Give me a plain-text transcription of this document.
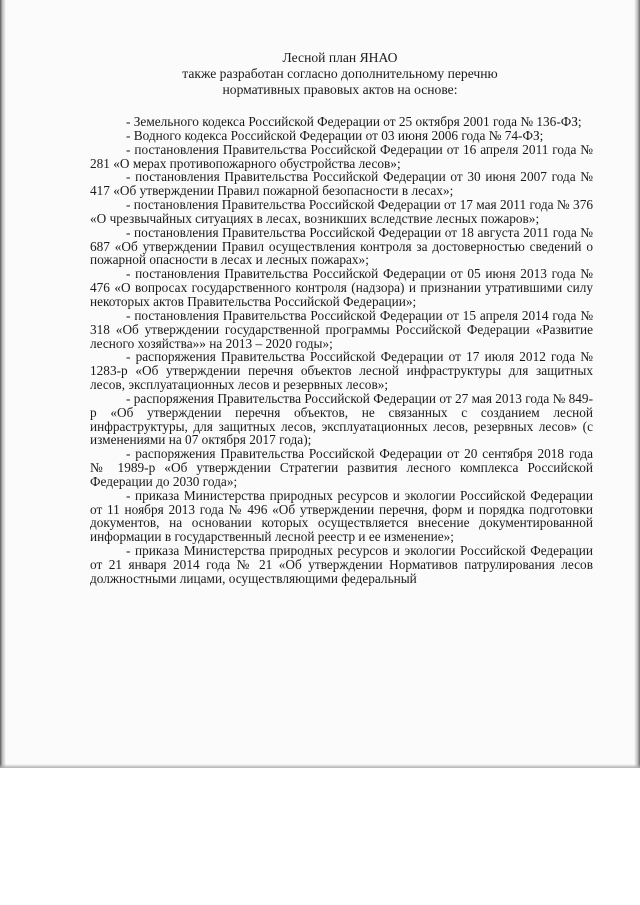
Лесной план ЯНАО
также разработан согласно дополнительному перечню
нормативных правовых актов на основе:

- Земельного кодекса Российской Федерации от 25 октября 2001 года № 136-ФЗ;

- Водного кодекса Российской Федерации от 03 июня 2006 года № 74-ФЗ;

- постановления Правительства Российской Федерации от 16 апреля 2011 года № 281 «О мерах противопожарного обустройства лесов»;

- постановления Правительства Российской Федерации от 30 июня 2007 года № 417 «Об утверждении Правил пожарной безопасности в лесах»;

- постановления Правительства Российской Федерации от 17 мая 2011 года № 376 «О чрезвычайных ситуациях в лесах, возникших вследствие лесных пожаров»;

- постановления Правительства Российской Федерации от 18 августа 2011 года № 687 «Об утверждении Правил осуществления контроля за достоверностью сведений о пожарной опасности в лесах и лесных пожарах»;

- постановления Правительства Российской Федерации от 05 июня 2013 года № 476 «О вопросах государственного контроля (надзора) и признании утратившими силу некоторых актов Правительства Российской Федерации»;

- постановления Правительства Российской Федерации от 15 апреля 2014 года № 318 «Об утверждении государственной программы Российской Федерации «Развитие лесного хозяйства»» на 2013 – 2020 годы»;

- распоряжения Правительства Российской Федерации от 17 июля 2012 года № 1283-р «Об утверждении перечня объектов лесной инфраструктуры для защитных лесов, эксплуатационных лесов и резервных лесов»;

- распоряжения Правительства Российской Федерации от 27 мая 2013 года № 849-р «Об утверждении перечня объектов, не связанных с созданием лесной инфраструктуры, для защитных лесов, эксплуатационных лесов, резервных лесов» (с изменениями на 07 октября 2017 года);

- распоряжения Правительства Российской Федерации от 20 сентября 2018 года № 1989-р «Об утверждении Стратегии развития лесного комплекса Российской Федерации до 2030 года»;

- приказа Министерства природных ресурсов и экологии Российской Федерации от 11 ноября 2013 года № 496 «Об утверждении перечня, форм и порядка подготовки документов, на основании которых осуществляется внесение документированной информации в государственный лесной реестр и ее изменение»;

- приказа Министерства природных ресурсов и экологии Российской Федерации от 21 января 2014 года № 21 «Об утверждении Нормативов патрулирования лесов должностными лицами, осуществляющими федеральный
